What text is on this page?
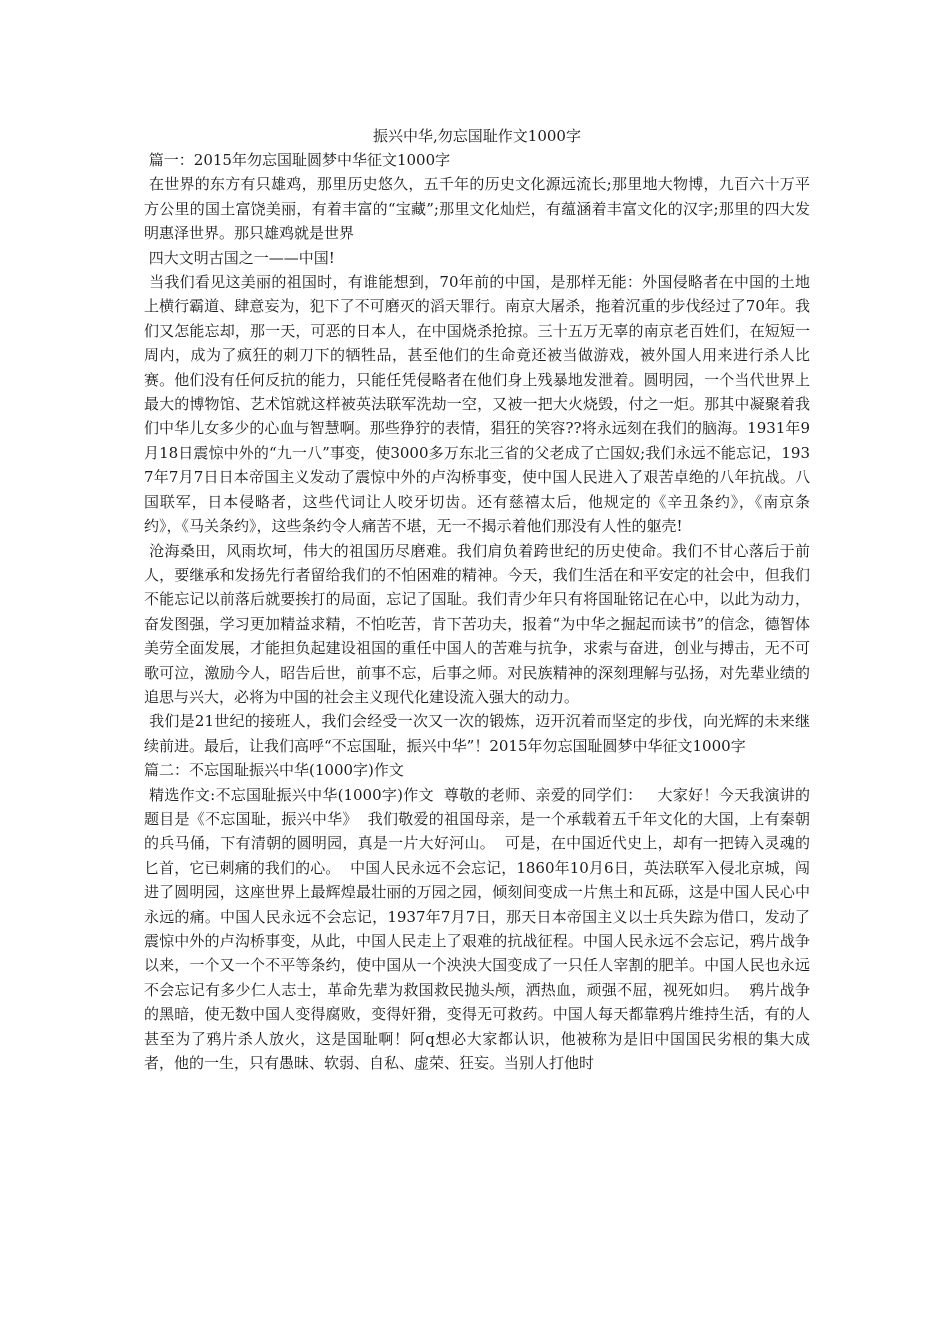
振兴中华,勿忘国耻作文1000字

篇一：2015年勿忘国耻圆梦中华征文1000字

在世界的东方有只雄鸡，那里历史悠久，五千年的历史文化源远流长;那里地大物博，九百六十万平方公里的国土富饶美丽，有着丰富的“宝藏”;那里文化灿烂，有蕴涵着丰富文化的汉字;那里的四大发明惠泽世界。那只雄鸡就是世界

四大文明古国之一——中国!

当我们看见这美丽的祖国时，有谁能想到，70年前的中国，是那样无能：外国侵略者在中国的土地上横行霸道、肆意妄为，犯下了不可磨灭的滔天罪行。南京大屠杀，拖着沉重的步伐经过了70年。我们又怎能忘却，那一天，可恶的日本人，在中国烧杀抢掠。三十五万无辜的南京老百姓们，在短短一周内，成为了疯狂的刺刀下的牺牲品，甚至他们的生命竟还被当做游戏，被外国人用来进行杀人比赛。他们没有任何反抗的能力，只能任凭侵略者在他们身上残暴地发泄着。圆明园，一个当代世界上最大的博物馆、艺术馆就这样被英法联军洗劫一空，又被一把大火烧毁，付之一炬。那其中凝聚着我们中华儿女多少的心血与智慧啊。那些狰狞的表情，猖狂的笑容??将永远刻在我们的脑海。1931年9月18日震惊中外的“九一八”事变，使3000多万东北三省的父老成了亡国奴;我们永远不能忘记，1937年7月7日日本帝国主义发动了震惊中外的卢沟桥事变，使中国人民进入了艰苦卓绝的八年抗战。八国联军，日本侵略者，这些代词让人咬牙切齿。还有慈禧太后，他规定的《辛丑条约》，《南京条约》，《马关条约》，这些条约令人痛苦不堪，无一不揭示着他们那没有人性的躯壳!

沧海桑田，风雨坎坷，伟大的祖国历尽磨难。我们肩负着跨世纪的历史使命。我们不甘心落后于前人，要继承和发扬先行者留给我们的不怕困难的精神。今天，我们生活在和平安定的社会中，但我们不能忘记以前落后就要挨打的局面，忘记了国耻。我们青少年只有将国耻铭记在心中，以此为动力，奋发图强，学习更加精益求精，不怕吃苦，肯下苦功夫，报着“为中华之掘起而读书”的信念，德智体美劳全面发展，才能担负起建设祖国的重任中国人的苦难与抗争，求索与奋进，创业与搏击，无不可歌可泣，激励今人，昭告后世，前事不忘，后事之师。对民族精神的深刻理解与弘扬，对先辈业绩的追思与兴大，必将为中国的社会主义现代化建设流入强大的动力。

我们是21世纪的接班人，我们会经受一次又一次的锻炼，迈开沉着而坚定的步伐，向光辉的未来继续前进。最后，让我们高呼“不忘国耻，振兴中华”！2015年勿忘国耻圆梦中华征文1000字

篇二：不忘国耻振兴中华(1000字)作文

精选作文:不忘国耻振兴中华(1000字)作文  尊敬的老师、亲爱的同学们：   大家好！今天我演讲的题目是《不忘国耻，振兴中华》  我们敬爱的祖国母亲，是一个承载着五千年文化的大国，上有秦朝的兵马俑，下有清朝的圆明园，真是一片大好河山。  可是，在中国近代史上，却有一把铸入灵魂的匕首，它已刺痛的我们的心。  中国人民永远不会忘记，1860年10月6日，英法联军入侵北京城，闯进了圆明园，这座世界上最辉煌最壮丽的万园之园，倾刻间变成一片焦土和瓦砾，这是中国人民心中永远的痛。中国人民永远不会忘记，1937年7月7日，那天日本帝国主义以士兵失踪为借口，发动了震惊中外的卢沟桥事变，从此，中国人民走上了艰难的抗战征程。中国人民永远不会忘记，鸦片战争以来，一个又一个不平等条约，使中国从一个泱泱大国变成了一只任人宰割的肥羊。中国人民也永远不会忘记有多少仁人志士，革命先辈为救国救民抛头颅，洒热血，顽强不屈，视死如归。  鸦片战争的黑暗，使无数中国人变得腐败，变得奸猾，变得无可救药。中国人每天都靠鸦片维持生活，有的人甚至为了鸦片杀人放火，这是国耻啊！阿q想必大家都认识，他被称为是旧中国国民劣根的集大成者，他的一生，只有愚昧、软弱、自私、虚荣、狂妄。当别人打他时
